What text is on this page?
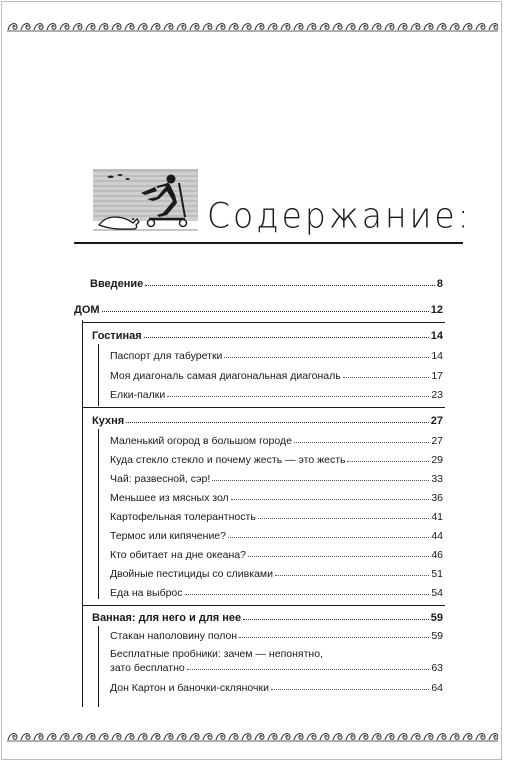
Содержание:
Введение	8
ДОМ	12
Гостиная	14
Паспорт для табуретки	14
Моя диагональ самая диагональная диагональ	17
Елки-палки	23
Кухня	27
Маленький огород в большом городе	27
Куда стекло стекло и почему жесть — это жесть	29
Чай: развесной, сэр!	33
Меньшее из мясных зол	36
Картофельная толерантность	41
Термос или кипячение?	44
Кто обитает на дне океана?	46
Двойные пестициды со сливками	51
Еда на выброс	54
Ванная: для него и для нее	59
Стакан наполовину полон	59
Бесплатные пробники: зачем — непонятно,
зато бесплатно	63
Дон Картон и баночки-скляночки	64
